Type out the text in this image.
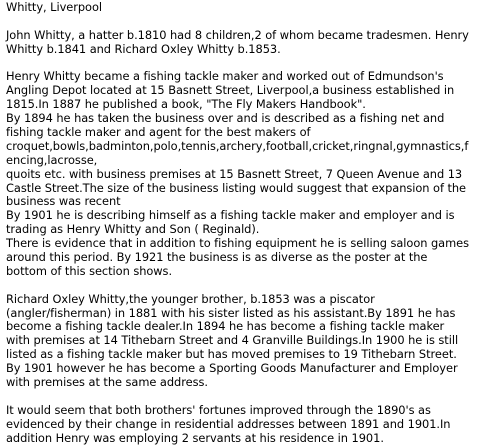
Whitty, Liverpool
John Whitty, a hatter b.1810 had 8 children,2 of whom became tradesmen. Henry
Whitty b.1841 and Richard Oxley Whitty b.1853.
Henry Whitty became a fishing tackle maker and worked out of Edmundson's
Angling Depot located at 15 Basnett Street, Liverpool,a business established in
1815.In 1887 he published a book, "The Fly Makers Handbook".
By 1894 he has taken the business over and is described as a fishing net and
fishing tackle maker and agent for the best makers of
croquet,bowls,badminton,polo,tennis,archery,football,cricket,ringnal,gymnastics,f
encing,lacrosse,
quoits etc. with business premises at 15 Basnett Street, 7 Queen Avenue and 13
Castle Street.The size of the business listing would suggest that expansion of the
business was recent
By 1901 he is describing himself as a fishing tackle maker and employer and is
trading as Henry Whitty and Son ( Reginald).
There is evidence that in addition to fishing equipment he is selling saloon games
around this period. By 1921 the business is as diverse as the poster at the
bottom of this section shows.
Richard Oxley Whitty,the younger brother, b.1853 was a piscator
(angler/fisherman) in 1881 with his sister listed as his assistant.By 1891 he has
become a fishing tackle dealer.In 1894 he has become a fishing tackle maker
with premises at 14 Tithebarn Street and 4 Granville Buildings.In 1900 he is still
listed as a fishing tackle maker but has moved premises to 19 Tithebarn Street.
By 1901 however he has become a Sporting Goods Manufacturer and Employer
with premises at the same address.
It would seem that both brothers' fortunes improved through the 1890's as
evidenced by their change in residential addresses between 1891 and 1901.In
addition Henry was employing 2 servants at his residence in 1901.
